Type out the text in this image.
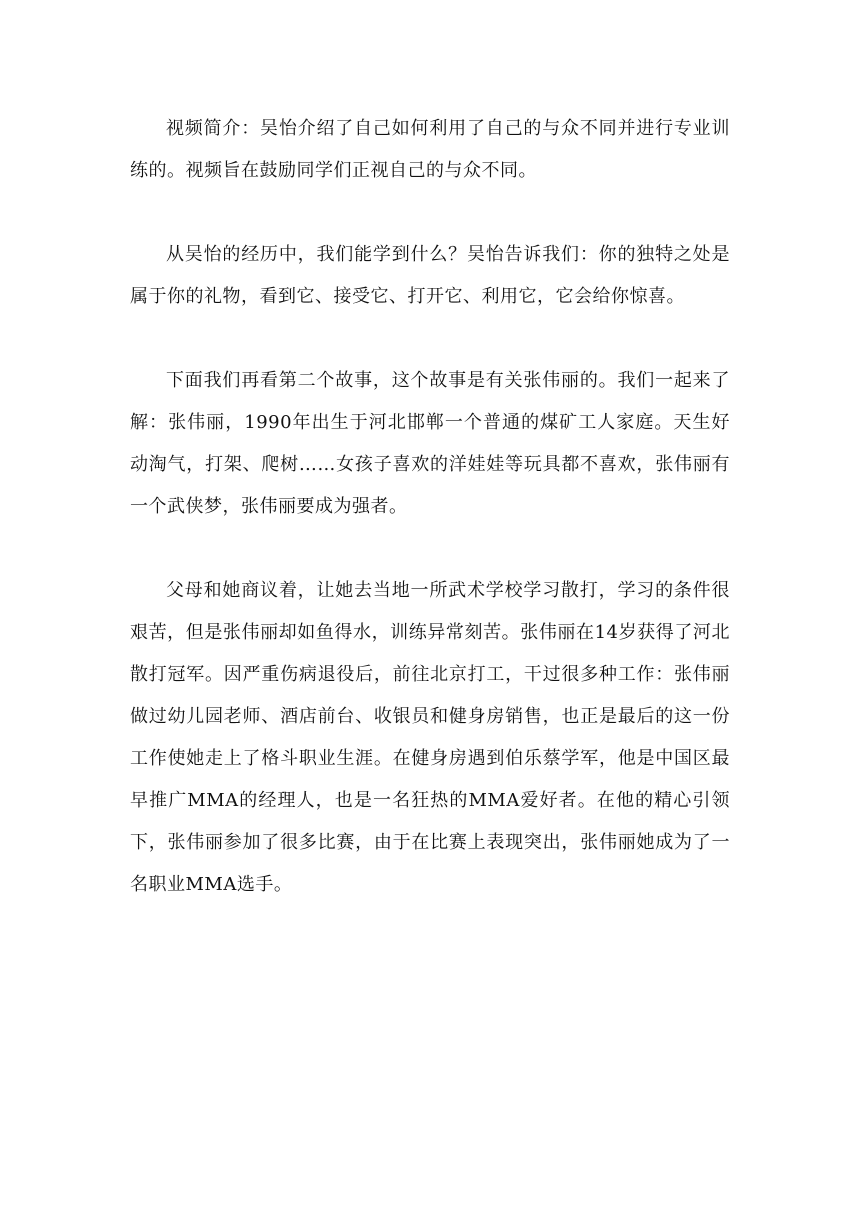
视频简介：吴怡介绍了自己如何利用了自己的与众不同并进行专业训练的。视频旨在鼓励同学们正视自己的与众不同。

从吴怡的经历中，我们能学到什么？吴怡告诉我们：你的独特之处是属于你的礼物，看到它、接受它、打开它、利用它，它会给你惊喜。

下面我们再看第二个故事，这个故事是有关张伟丽的。我们一起来了解：张伟丽，1990年出生于河北邯郸一个普通的煤矿工人家庭。天生好动淘气，打架、爬树……女孩子喜欢的洋娃娃等玩具都不喜欢，张伟丽有一个武侠梦，张伟丽要成为强者。

父母和她商议着，让她去当地一所武术学校学习散打，学习的条件很艰苦，但是张伟丽却如鱼得水，训练异常刻苦。张伟丽在14岁获得了河北散打冠军。因严重伤病退役后，前往北京打工，干过很多种工作：张伟丽做过幼儿园老师、酒店前台、收银员和健身房销售，也正是最后的这一份工作使她走上了格斗职业生涯。在健身房遇到伯乐蔡学军，他是中国区最早推广MMA的经理人，也是一名狂热的MMA爱好者。在他的精心引领下，张伟丽参加了很多比赛，由于在比赛上表现突出，张伟丽她成为了一名职业MMA选手。
